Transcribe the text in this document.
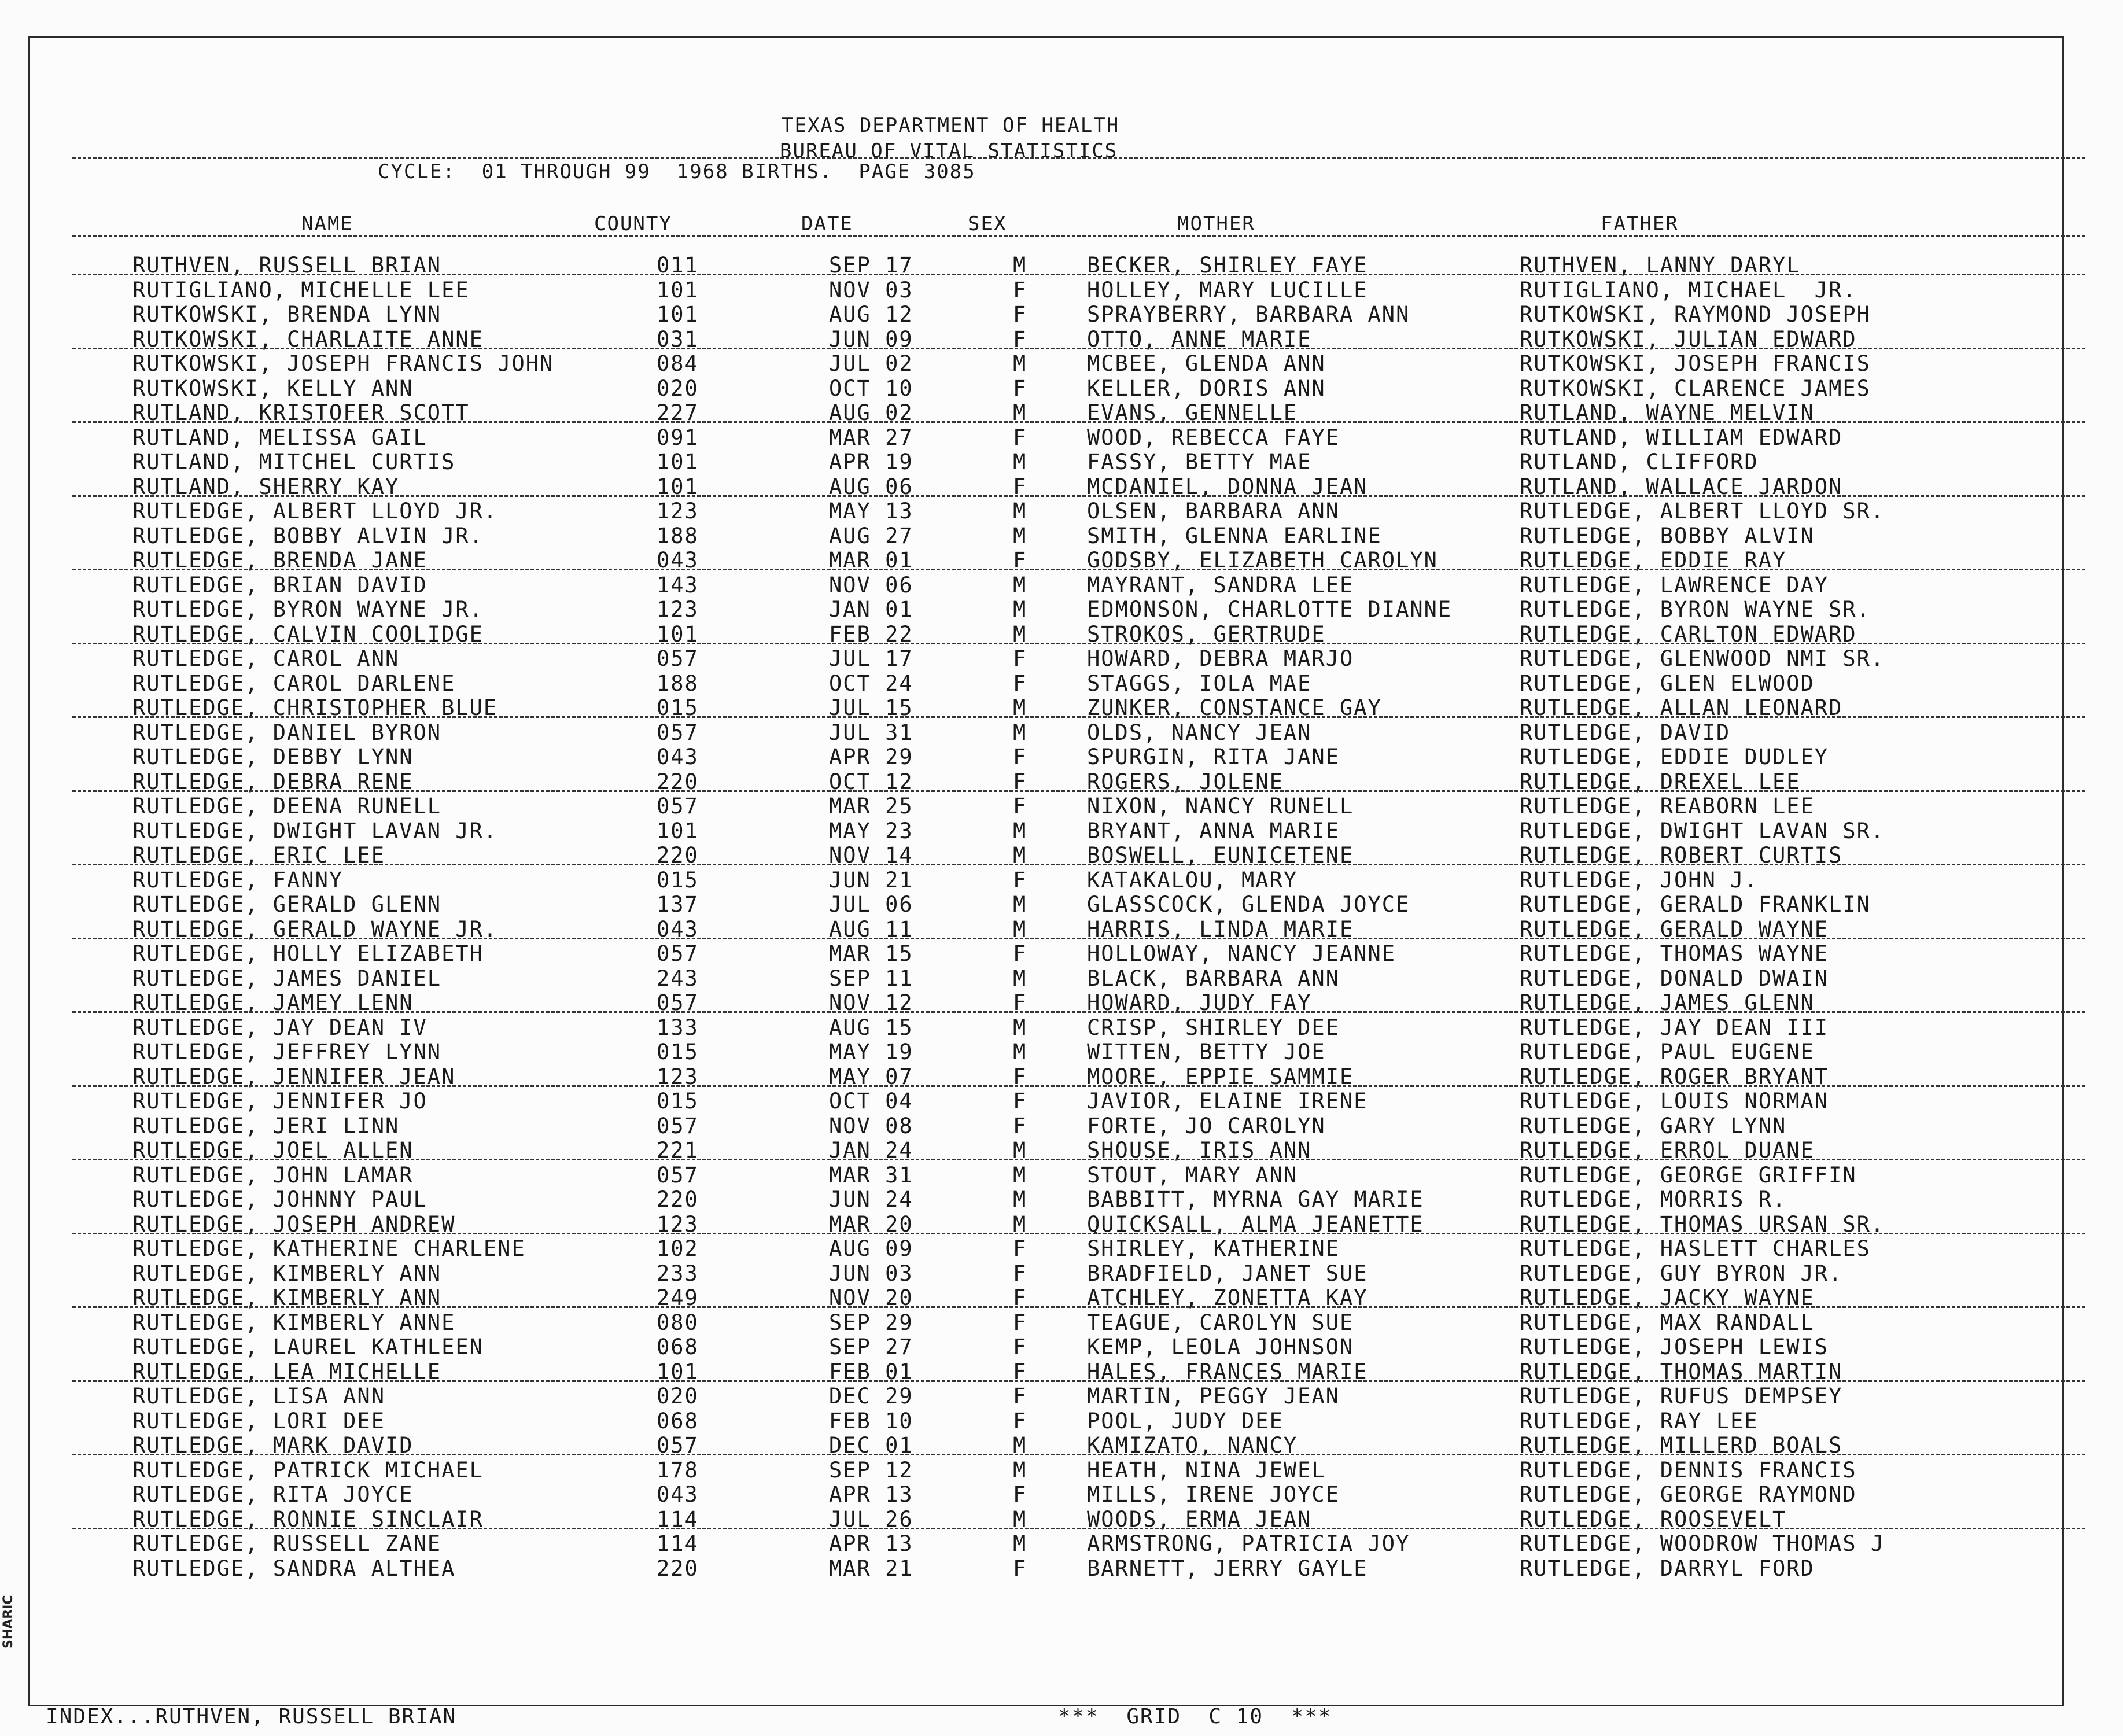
SHARIC
TEXAS DEPARTMENT OF HEALTH
BUREAU OF VITAL STATISTICS
CYCLE:  01 THROUGH 99  1968 BIRTHS.  PAGE 3085
NAME	COUNTY	DATE	SEX	MOTHER	FATHER
RUTHVEN, RUSSELL BRIAN	011	SEP 17	M	BECKER, SHIRLEY FAYE	RUTHVEN, LANNY DARYL
RUTIGLIANO, MICHELLE LEE	101	NOV 03	F	HOLLEY, MARY LUCILLE	RUTIGLIANO, MICHAEL  JR.
RUTKOWSKI, BRENDA LYNN	101	AUG 12	F	SPRAYBERRY, BARBARA ANN	RUTKOWSKI, RAYMOND JOSEPH
RUTKOWSKI, CHARLAITE ANNE	031	JUN 09	F	OTTO, ANNE MARIE	RUTKOWSKI, JULIAN EDWARD
RUTKOWSKI, JOSEPH FRANCIS JOHN	084	JUL 02	M	MCBEE, GLENDA ANN	RUTKOWSKI, JOSEPH FRANCIS
RUTKOWSKI, KELLY ANN	020	OCT 10	F	KELLER, DORIS ANN	RUTKOWSKI, CLARENCE JAMES
RUTLAND, KRISTOFER SCOTT	227	AUG 02	M	EVANS, GENNELLE	RUTLAND, WAYNE MELVIN
RUTLAND, MELISSA GAIL	091	MAR 27	F	WOOD, REBECCA FAYE	RUTLAND, WILLIAM EDWARD
RUTLAND, MITCHEL CURTIS	101	APR 19	M	FASSY, BETTY MAE	RUTLAND, CLIFFORD
RUTLAND, SHERRY KAY	101	AUG 06	F	MCDANIEL, DONNA JEAN	RUTLAND, WALLACE JARDON
RUTLEDGE, ALBERT LLOYD JR.	123	MAY 13	M	OLSEN, BARBARA ANN	RUTLEDGE, ALBERT LLOYD SR.
RUTLEDGE, BOBBY ALVIN JR.	188	AUG 27	M	SMITH, GLENNA EARLINE	RUTLEDGE, BOBBY ALVIN
RUTLEDGE, BRENDA JANE	043	MAR 01	F	GODSBY, ELIZABETH CAROLYN	RUTLEDGE, EDDIE RAY
RUTLEDGE, BRIAN DAVID	143	NOV 06	M	MAYRANT, SANDRA LEE	RUTLEDGE, LAWRENCE DAY
RUTLEDGE, BYRON WAYNE JR.	123	JAN 01	M	EDMONSON, CHARLOTTE DIANNE	RUTLEDGE, BYRON WAYNE SR.
RUTLEDGE, CALVIN COOLIDGE	101	FEB 22	M	STROKOS, GERTRUDE	RUTLEDGE, CARLTON EDWARD
RUTLEDGE, CAROL ANN	057	JUL 17	F	HOWARD, DEBRA MARJO	RUTLEDGE, GLENWOOD NMI SR.
RUTLEDGE, CAROL DARLENE	188	OCT 24	F	STAGGS, IOLA MAE	RUTLEDGE, GLEN ELWOOD
RUTLEDGE, CHRISTOPHER BLUE	015	JUL 15	M	ZUNKER, CONSTANCE GAY	RUTLEDGE, ALLAN LEONARD
RUTLEDGE, DANIEL BYRON	057	JUL 31	M	OLDS, NANCY JEAN	RUTLEDGE, DAVID
RUTLEDGE, DEBBY LYNN	043	APR 29	F	SPURGIN, RITA JANE	RUTLEDGE, EDDIE DUDLEY
RUTLEDGE, DEBRA RENE	220	OCT 12	F	ROGERS, JOLENE	RUTLEDGE, DREXEL LEE
RUTLEDGE, DEENA RUNELL	057	MAR 25	F	NIXON, NANCY RUNELL	RUTLEDGE, REABORN LEE
RUTLEDGE, DWIGHT LAVAN JR.	101	MAY 23	M	BRYANT, ANNA MARIE	RUTLEDGE, DWIGHT LAVAN SR.
RUTLEDGE, ERIC LEE	220	NOV 14	M	BOSWELL, EUNICETENE	RUTLEDGE, ROBERT CURTIS
RUTLEDGE, FANNY	015	JUN 21	F	KATAKALOU, MARY	RUTLEDGE, JOHN J.
RUTLEDGE, GERALD GLENN	137	JUL 06	M	GLASSCOCK, GLENDA JOYCE	RUTLEDGE, GERALD FRANKLIN
RUTLEDGE, GERALD WAYNE JR.	043	AUG 11	M	HARRIS, LINDA MARIE	RUTLEDGE, GERALD WAYNE
RUTLEDGE, HOLLY ELIZABETH	057	MAR 15	F	HOLLOWAY, NANCY JEANNE	RUTLEDGE, THOMAS WAYNE
RUTLEDGE, JAMES DANIEL	243	SEP 11	M	BLACK, BARBARA ANN	RUTLEDGE, DONALD DWAIN
RUTLEDGE, JAMEY LENN	057	NOV 12	F	HOWARD, JUDY FAY	RUTLEDGE, JAMES GLENN
RUTLEDGE, JAY DEAN IV	133	AUG 15	M	CRISP, SHIRLEY DEE	RUTLEDGE, JAY DEAN III
RUTLEDGE, JEFFREY LYNN	015	MAY 19	M	WITTEN, BETTY JOE	RUTLEDGE, PAUL EUGENE
RUTLEDGE, JENNIFER JEAN	123	MAY 07	F	MOORE, EPPIE SAMMIE	RUTLEDGE, ROGER BRYANT
RUTLEDGE, JENNIFER JO	015	OCT 04	F	JAVIOR, ELAINE IRENE	RUTLEDGE, LOUIS NORMAN
RUTLEDGE, JERI LINN	057	NOV 08	F	FORTE, JO CAROLYN	RUTLEDGE, GARY LYNN
RUTLEDGE, JOEL ALLEN	221	JAN 24	M	SHOUSE, IRIS ANN	RUTLEDGE, ERROL DUANE
RUTLEDGE, JOHN LAMAR	057	MAR 31	M	STOUT, MARY ANN	RUTLEDGE, GEORGE GRIFFIN
RUTLEDGE, JOHNNY PAUL	220	JUN 24	M	BABBITT, MYRNA GAY MARIE	RUTLEDGE, MORRIS R.
RUTLEDGE, JOSEPH ANDREW	123	MAR 20	M	QUICKSALL, ALMA JEANETTE	RUTLEDGE, THOMAS URSAN SR.
RUTLEDGE, KATHERINE CHARLENE	102	AUG 09	F	SHIRLEY, KATHERINE	RUTLEDGE, HASLETT CHARLES
RUTLEDGE, KIMBERLY ANN	233	JUN 03	F	BRADFIELD, JANET SUE	RUTLEDGE, GUY BYRON JR.
RUTLEDGE, KIMBERLY ANN	249	NOV 20	F	ATCHLEY, ZONETTA KAY	RUTLEDGE, JACKY WAYNE
RUTLEDGE, KIMBERLY ANNE	080	SEP 29	F	TEAGUE, CAROLYN SUE	RUTLEDGE, MAX RANDALL
RUTLEDGE, LAUREL KATHLEEN	068	SEP 27	F	KEMP, LEOLA JOHNSON	RUTLEDGE, JOSEPH LEWIS
RUTLEDGE, LEA MICHELLE	101	FEB 01	F	HALES, FRANCES MARIE	RUTLEDGE, THOMAS MARTIN
RUTLEDGE, LISA ANN	020	DEC 29	F	MARTIN, PEGGY JEAN	RUTLEDGE, RUFUS DEMPSEY
RUTLEDGE, LORI DEE	068	FEB 10	F	POOL, JUDY DEE	RUTLEDGE, RAY LEE
RUTLEDGE, MARK DAVID	057	DEC 01	M	KAMIZATO, NANCY	RUTLEDGE, MILLERD BOALS
RUTLEDGE, PATRICK MICHAEL	178	SEP 12	M	HEATH, NINA JEWEL	RUTLEDGE, DENNIS FRANCIS
RUTLEDGE, RITA JOYCE	043	APR 13	F	MILLS, IRENE JOYCE	RUTLEDGE, GEORGE RAYMOND
RUTLEDGE, RONNIE SINCLAIR	114	JUL 26	M	WOODS, ERMA JEAN	RUTLEDGE, ROOSEVELT
RUTLEDGE, RUSSELL ZANE	114	APR 13	M	ARMSTRONG, PATRICIA JOY	RUTLEDGE, WOODROW THOMAS J
RUTLEDGE, SANDRA ALTHEA	220	MAR 21	F	BARNETT, JERRY GAYLE	RUTLEDGE, DARRYL FORD
INDEX...RUTHVEN, RUSSELL BRIAN	***  GRID  C 10  ***
